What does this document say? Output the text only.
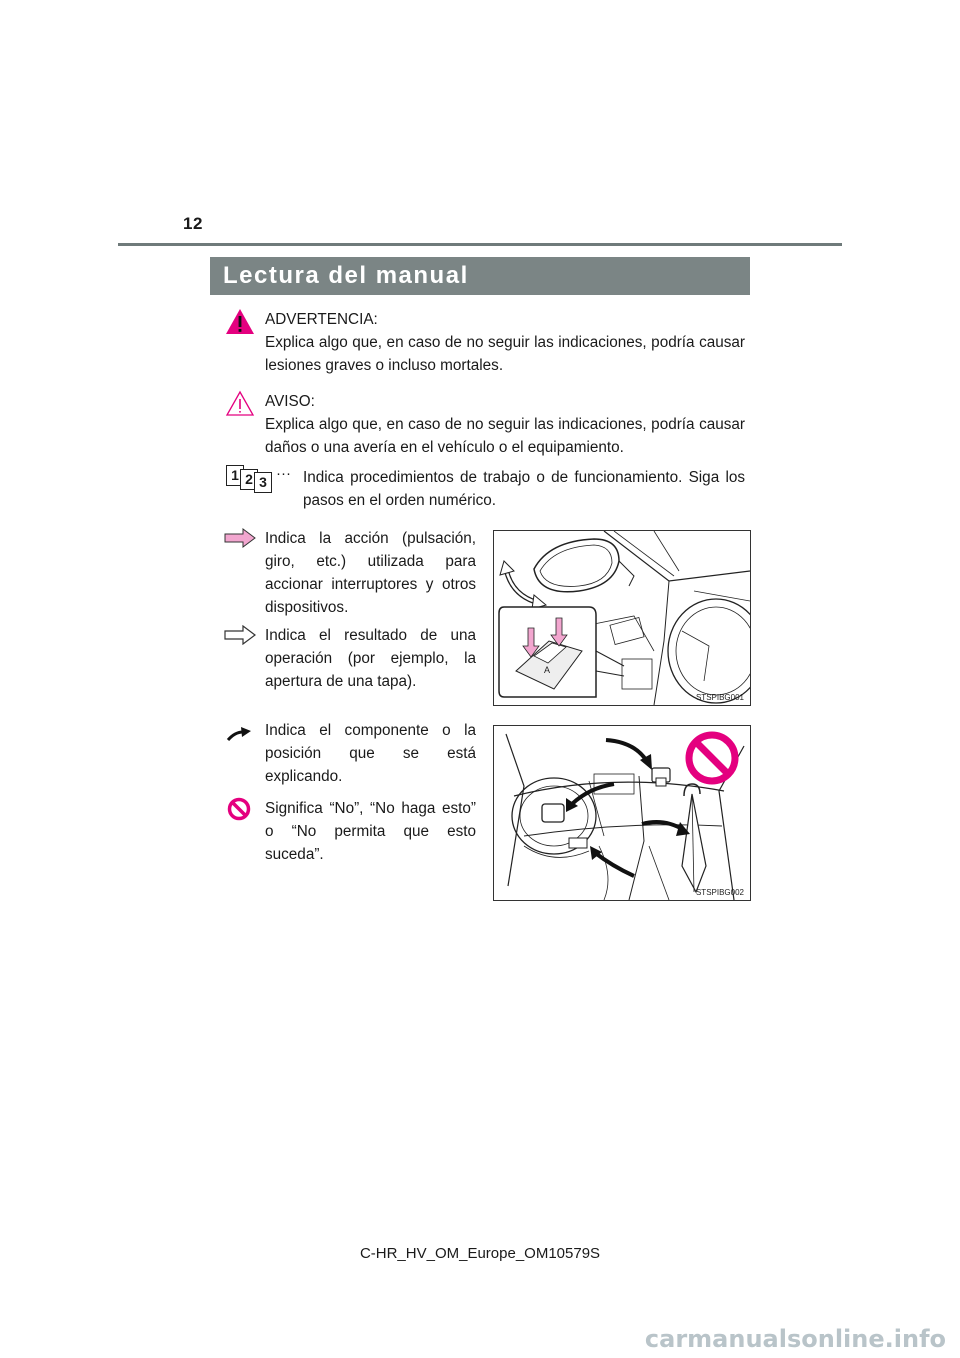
12
Lectura del manual

ADVERTENCIA:

Explica algo que, en caso de no seguir las indicaciones, podría causar lesiones graves o incluso mortales.

AVISO:

Explica algo que, en caso de no seguir las indicaciones, podría causar daños o una avería en el vehículo o el equipamiento.

1 2 3 ··· Indica procedimientos de trabajo o de funcionamiento. Siga los pasos en el orden numérico.

Indica la acción (pulsación, giro, etc.) utilizada para accionar interruptores y otros dispositivos.

Indica el resultado de una operación (por ejemplo, la apertura de una tapa).

Indica el componente o la posición que se está explicando.

Significa “No”, “No haga esto” o “No permita que esto suceda”.

A
STSPIBG001
STSPIBG002
C-HR_HV_OM_Europe_OM10579S
carmanualsonline.info
